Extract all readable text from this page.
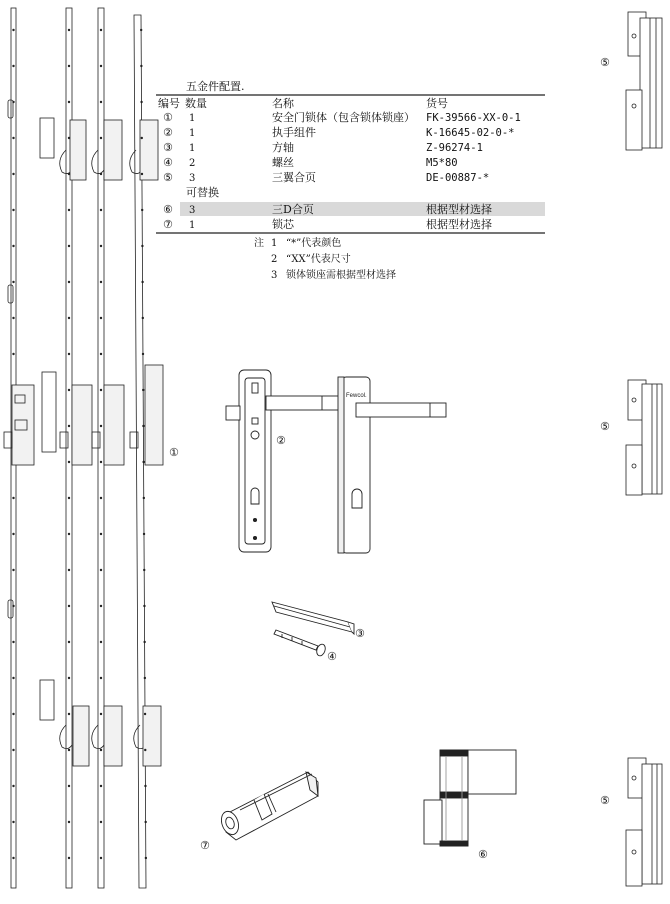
五金件配置.
编号 数量	名称	货号
① 1	安全门锁体（包含锁体锁座） FK-39566-XX-0-1
② 1	执手组件	K-16645-02-0-*
③ 1	方轴	Z-96274-1
④ 2	螺丝	M5*80
⑤ 3	三翼合页	DE-00887-*
可替换
⑥ 3	三D合页	根据型材选择
⑦ 1	锁芯	根据型材选择
注 1 “*”代表颜色
2 “XX”代表尺寸
3 锁体锁座需根据型材选择
⑤
⑤
⑤
①
Fewcol.
②
③
④
⑦
⑥
